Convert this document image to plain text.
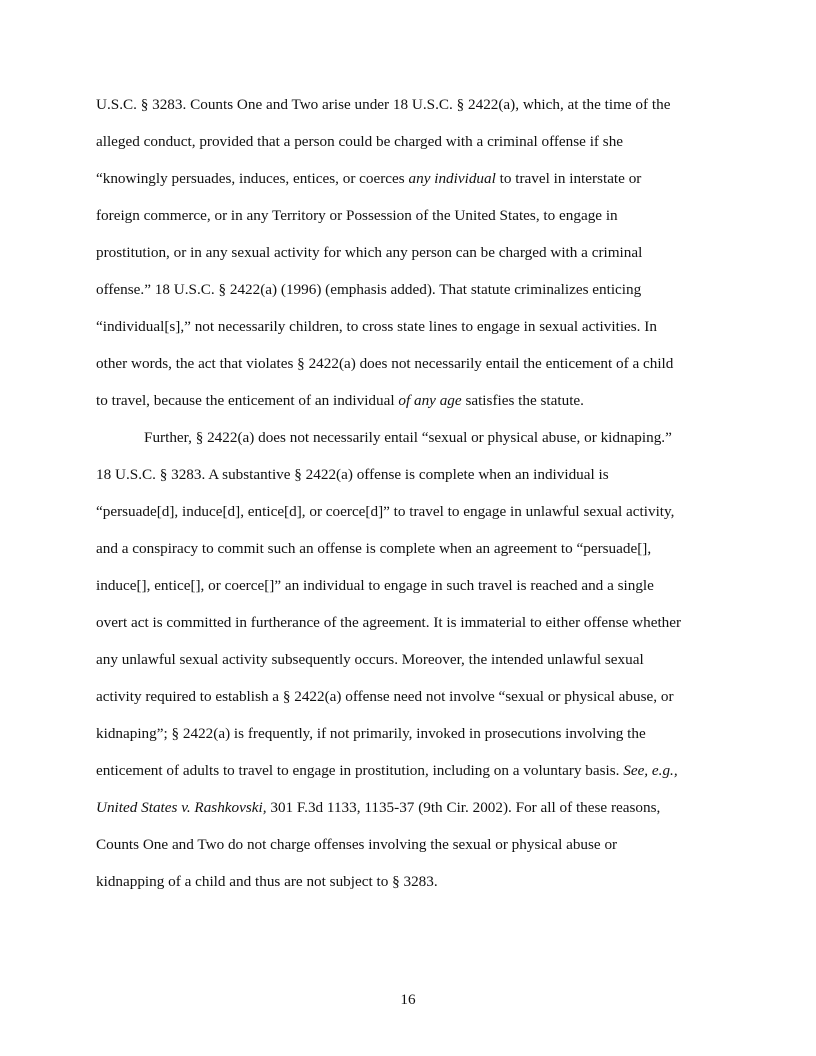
U.S.C. § 3283. Counts One and Two arise under 18 U.S.C. § 2422(a), which, at the time of the
alleged conduct, provided that a person could be charged with a criminal offense if she
“knowingly persuades, induces, entices, or coerces any individual to travel in interstate or
foreign commerce, or in any Territory or Possession of the United States, to engage in
prostitution, or in any sexual activity for which any person can be charged with a criminal
offense.” 18 U.S.C. § 2422(a) (1996) (emphasis added). That statute criminalizes enticing
“individual[s],” not necessarily children, to cross state lines to engage in sexual activities. In
other words, the act that violates § 2422(a) does not necessarily entail the enticement of a child
to travel, because the enticement of an individual of any age satisfies the statute.
Further, § 2422(a) does not necessarily entail “sexual or physical abuse, or kidnaping.”
18 U.S.C. § 3283. A substantive § 2422(a) offense is complete when an individual is
“persuade[d], induce[d], entice[d], or coerce[d]” to travel to engage in unlawful sexual activity,
and a conspiracy to commit such an offense is complete when an agreement to “persuade[],
induce[], entice[], or coerce[]” an individual to engage in such travel is reached and a single
overt act is committed in furtherance of the agreement. It is immaterial to either offense whether
any unlawful sexual activity subsequently occurs. Moreover, the intended unlawful sexual
activity required to establish a § 2422(a) offense need not involve “sexual or physical abuse, or
kidnaping”; § 2422(a) is frequently, if not primarily, invoked in prosecutions involving the
enticement of adults to travel to engage in prostitution, including on a voluntary basis. See, e.g.,
United States v. Rashkovski, 301 F.3d 1133, 1135-37 (9th Cir. 2002). For all of these reasons,
Counts One and Two do not charge offenses involving the sexual or physical abuse or
kidnapping of a child and thus are not subject to § 3283.
16
